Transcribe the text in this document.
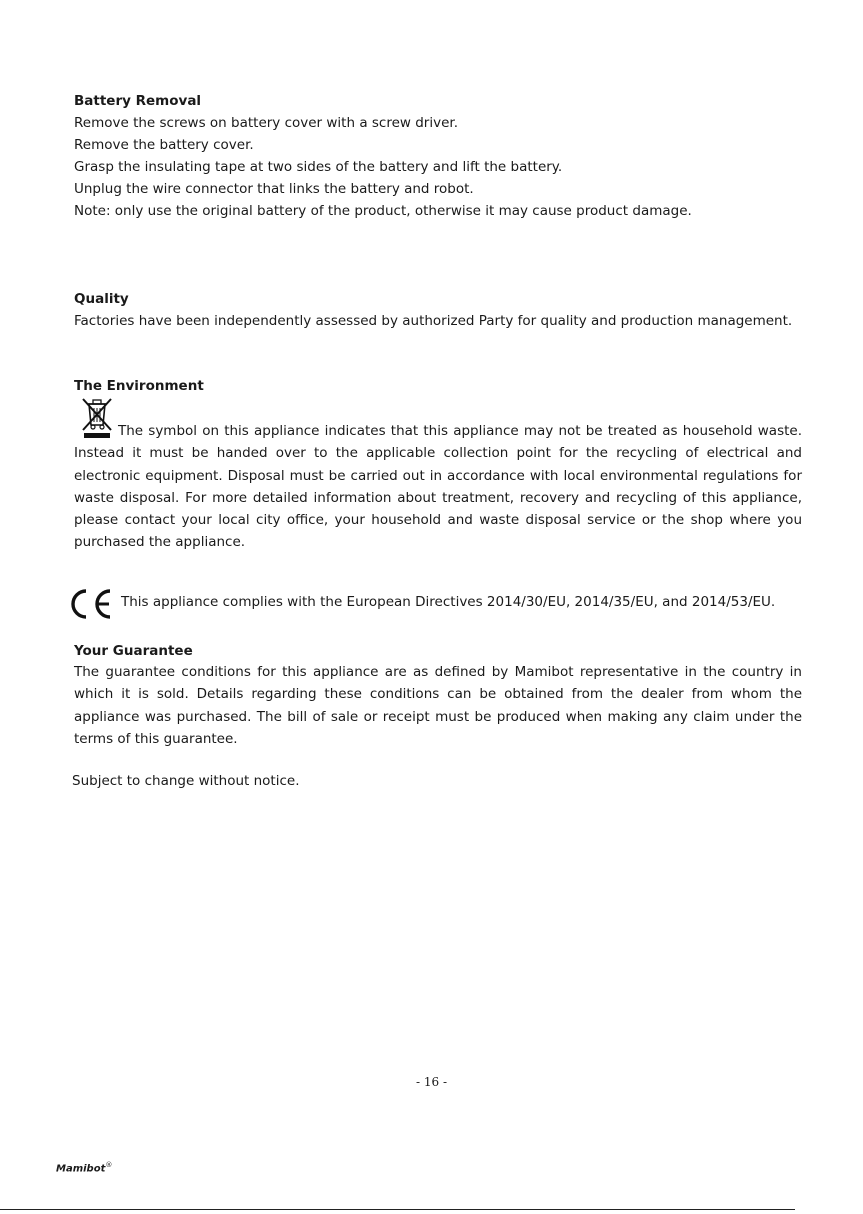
Battery Removal
Remove the screws on battery cover with a screw driver.
Remove the battery cover.
Grasp the insulating tape at two sides of the battery and lift the battery.
Unplug the wire connector that links the battery and robot.
Note: only use the original battery of the product, otherwise it may cause product damage.
Quality
Factories have been independently assessed by authorized Party for quality and production management.
The Environment
The symbol on this appliance indicates that this appliance may not be treated as household waste. Instead it must be handed over to the applicable collection point for the recycling of electrical and electronic equipment. Disposal must be carried out in accordance with local environmental regulations for waste disposal. For more detailed information about treatment, recovery and recycling of this appliance, please contact your local city office, your household and waste disposal service or the shop where you purchased the appliance.
This appliance complies with the European Directives 2014/30/EU, 2014/35/EU, and 2014/53/EU.
Your Guarantee
The guarantee conditions for this appliance are as defined by Mamibot representative in the country in which it is sold. Details regarding these conditions can be obtained from the dealer from whom the appliance was purchased. The bill of sale or receipt must be produced when making any claim under the terms of this guarantee.
Subject to change without notice.
- 16 -
Mamibot®
